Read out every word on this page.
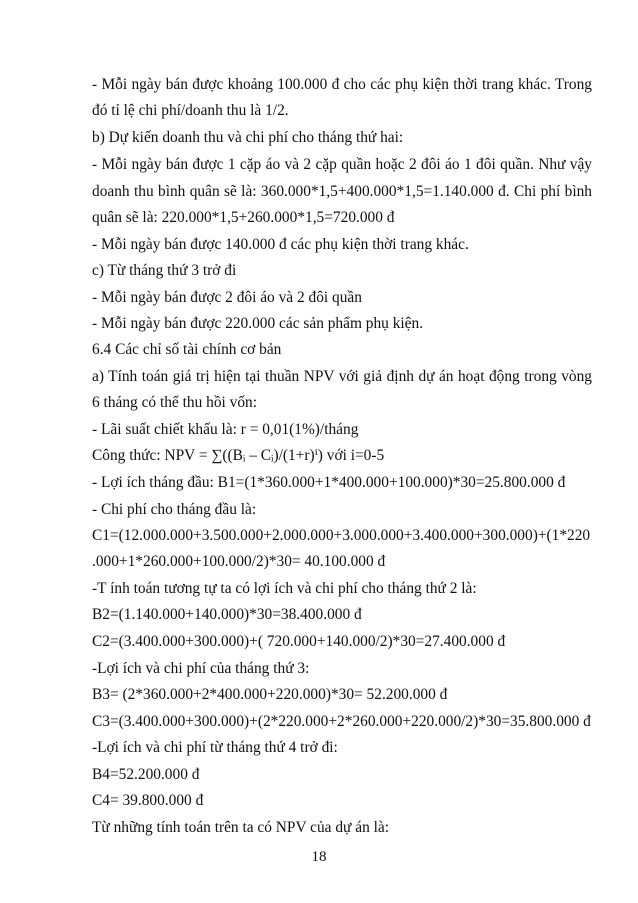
- Mỗi ngày bán được khoảng 100.000 đ cho các phụ kiện thời trang khác. Trong
đó tỉ lệ chi phí/doanh thu là 1/2.
b) Dự kiến doanh thu và chi phí cho tháng thứ hai:
- Mỗi ngày bán được 1 cặp áo và 2 cặp quần hoặc 2 đôi áo 1 đôi quần. Như vậy
doanh thu bình quân sẽ là: 360.000*1,5+400.000*1,5=1.140.000 đ. Chi phí bình
quân sẽ là: 220.000*1,5+260.000*1,5=720.000 đ
- Mỗi ngày bán được 140.000 đ các phụ kiện thời trang khác.
c) Từ tháng thứ 3 trở đi
- Mỗi ngày bán được 2 đôi áo và 2 đôi quần
- Mỗi ngày bán được 220.000 các sản phẩm phụ kiện.
6.4 Các chỉ số tài chính cơ bản
a) Tính toán giá trị hiện tại thuần NPV với giả định dự án hoạt động trong vòng
6 tháng có thể thu hồi vốn:
- Lãi suất chiết khấu là: r = 0,01(1%)/tháng
Công thức: NPV = ∑((Bᵢ – Cᵢ)/(1+r)ⁱ) với i=0-5
- Lợi ích tháng đầu: B1=(1*360.000+1*400.000+100.000)*30=25.800.000 đ
- Chi phí cho tháng đầu là:
C1=(12.000.000+3.500.000+2.000.000+3.000.000+3.400.000+300.000)+(1*220
.000+1*260.000+100.000/2)*30= 40.100.000 đ
-T ính toán tương tự ta có lợi ích và chi phí cho tháng thứ 2 là:
B2=(1.140.000+140.000)*30=38.400.000 đ
C2=(3.400.000+300.000)+( 720.000+140.000/2)*30=27.400.000 đ
-Lợi ích và chi phí của tháng thứ 3:
B3= (2*360.000+2*400.000+220.000)*30= 52.200.000 đ
C3=(3.400.000+300.000)+(2*220.000+2*260.000+220.000/2)*30=35.800.000 đ
-Lợi ích và chi phí từ tháng thứ 4 trở đi:
B4=52.200.000 đ
C4= 39.800.000 đ
Từ những tính toán trên ta có NPV của dự án là:
18
